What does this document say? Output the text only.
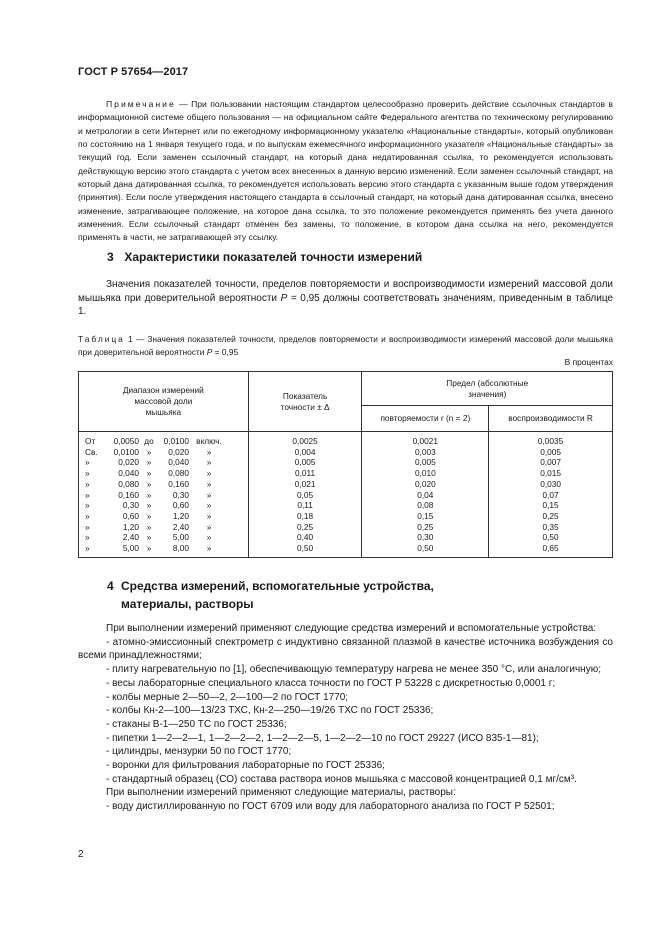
ГОСТ Р 57654—2017

Примечание — При пользовании настоящим стандартом целесообразно проверить действие ссылочных стандартов в информационной системе общего пользования — на официальном сайте Федерального агентства по техническому регулированию и метрологии в сети Интернет или по ежегодному информационному указателю «Национальные стандарты», который опубликован по состоянию на 1 января текущего года, и по выпускам ежемесячного информационного указателя «Национальные стандарты» за текущий год. Если заменен ссылочный стандарт, на который дана недатированная ссылка, то рекомендуется использовать действующую версию этого стандарта с учетом всех внесенных в данную версию изменений. Если заменен ссылочный стандарт, на который дана датированная ссылка, то рекомендуется использовать версию этого стандарта с указанным выше годом утверждения (принятия). Если после утверждения настоящего стандарта в ссылочный стандарт, на который дана датированная ссылка, внесено изменение, затрагивающее положение, на которое дана ссылка, то это положение рекомендуется применять без учета данного изменения. Если ссылочный стандарт отменен без замены, то положение, в котором дана ссылка на него, рекомендуется применять в части, не затрагивающей эту ссылку.

3 Характеристики показателей точности измерений

Значения показателей точности, пределов повторяемости и воспроизводимости измерений массовой доли мышьяка при доверительной вероятности P = 0,95 должны соответствовать значениям, приведенным в таблице 1.

Таблица 1 — Значения показателей точности, пределов повторяемости и воспроизводимости измерений массовой доли мышьяка при доверительной вероятности P = 0,95
В процентах
Диапазон измерений массовой доли мышьяка	Показатель точности ± Δ	Предел (абсолютные значения)	

		повторяемости r (n = 2)	воспроизводимости R
От 0,0050 до 0,0100 включ.	0,0025	0,0021	0,0035
Св. 0,0100 » 0,020 »	0,004	0,003	0,005
» 0,020 » 0,040 »	0,005	0,005	0,007
» 0,040 » 0,080 »	0,011	0,010	0,015
» 0,080 » 0,160 »	0,021	0,020	0,030
» 0,160 » 0,30 »	0,05	0,04	0,07
» 0,30 » 0,60 »	0,11	0,08	0,15
» 0,60 » 1,20 »	0,18	0,15	0,25
» 1,20 » 2,40 »	0,25	0,25	0,35
» 2,40 » 5,00 »	0,40	0,30	0,50
» 5,00 » 8,00 »	0,50	0,50	0,65
4 Средства измерений, вспомогательные устройства,
материалы, растворы

При выполнении измерений применяют следующие средства измерений и вспомогательные устройства:

- атомно-эмиссионный спектрометр с индуктивно связанной плазмой в качестве источника возбуждения со всеми принадлежностями;

- плиту нагревательную по [1], обеспечивающую температуру нагрева не менее 350 °С, или аналогичную;

- весы лабораторные специального класса точности по ГОСТ Р 53228 с дискретностью 0,0001 г;

- колбы мерные 2—50—2, 2—100—2 по ГОСТ 1770;

- колбы Кн-2—100—13/23 ТХС, Кн-2—250—19/26 ТХС по ГОСТ 25336;

- стаканы В-1—250 ТС по ГОСТ 25336;

- пипетки 1—2—2—1, 1—2—2—2, 1—2—2—5, 1—2—2—10 по ГОСТ 29227 (ИСО 835-1—81);

- цилиндры, мензурки 50 по ГОСТ 1770;

- воронки для фильтрования лабораторные по ГОСТ 25336;

- стандартный образец (СО) состава раствора ионов мышьяка с массовой концентрацией 0,1 мг/см³.

При выполнении измерений применяют следующие материалы, растворы:

- воду дистиллированную по ГОСТ 6709 или воду для лабораторного анализа по ГОСТ Р 52501;

2
